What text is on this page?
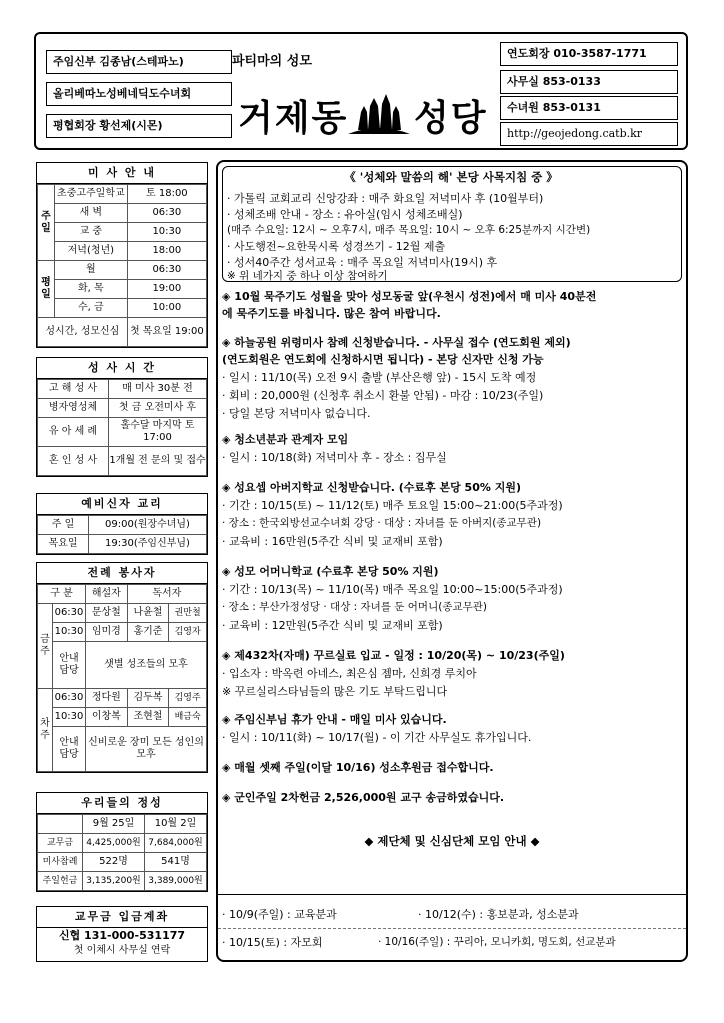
주임신부 김종남(스테파노)
올리베따노성베네딕도수녀회
평협회장 황선제(시몬)
파티마의 성모
거제동 성당
연도회장 010-3587-1771
사무실 853-0133
수녀원 853-0131
http://geojedong.catb.kr
미 사 안 내
주 일	초중고주일학교	토 18:00
	새 벽	06:30
	교 중	10:30
	저녁(청년)	18:00
평 일	월	06:30
	화, 목	19:00
	수, 금	10:00
성시간, 성모신심		첫 목요일 19:00
성 사 시 간
고 해 성 사	매 미사 30분 전
병자영성체	첫 금 오전미사 후
유 아 세 례	홀수달 마지막 토 17:00
혼 인 성 사	1개월 전 문의 및 접수
예비신자 교리
주 일	09:00(원장수녀님)
목요일	19:30(주임신부님)
전례 봉사자
구 분		해설자	독서자	
금 주	06:30	문상철	나윤철	권만철
	10:30	임미경	홍기준	김영자
	안내 담당	샛별 성조들의 모후		
차 주	06:30	정다원	김두복	김영주
	10:30	이창복	조현철	배금숙
	안내 담당	신비로운 장미 모든 성인의 모후		
우리들의 정성
	9월 25일	10월 2일
교무금	4,425,000원	7,684,000원
미사참례	522명	541명
주일헌금	3,135,200원	3,389,000원
교무금 입금계좌
신협 131-000-531177
첫 이체시 사무실 연락
《 '성체와 말씀의 해' 본당 사목지침 중 》
· 가톨릭 교회교리 신앙강좌 : 매주 화요일 저녁미사 후 (10월부터)
· 성체조배 안내 - 장소 : 유아실(임시 성체조배실)
(매주 수요일: 12시 ~ 오후7시, 매주 목요일: 10시 ~ 오후 6:25분까지 시간변)
· 사도행전~요한묵시록 성경쓰기 - 12월 제출
· 성서40주간 성서교육 : 매주 목요일 저녁미사(19시) 후
※ 위 네가지 중 하나 이상 참여하기
◈ 10월 묵주기도 성월을 맞아 성모동굴 앞(우천시 성전)에서 매 미사 40분전
에 묵주기도를 바칩니다. 많은 참여 바랍니다.
◈ 하늘공원 위령미사 참례 신청받습니다. - 사무실 접수 (연도회원 제외)
(연도회원은 연도회에 신청하시면 됩니다) - 본당 신자만 신청 가능
· 일시 : 11/10(목) 오전 9시 출발 (부산은행 앞) - 15시 도착 예정
· 회비 : 20,000원 (신청후 취소시 환불 안됨) - 마감 : 10/23(주일)
· 당일 본당 저녁미사 없습니다.
◈ 청소년분과 관계자 모임
· 일시 : 10/18(화) 저녁미사 후 - 장소 : 집무실
◈ 성요셉 아버지학교 신청받습니다. (수료후 본당 50% 지원)
· 기간 : 10/15(토) ~ 11/12(토) 매주 토요일 15:00~21:00(5주과정)
· 장소 : 한국외방선교수녀회 강당 · 대상 : 자녀를 둔 아버지(종교무관)
· 교육비 : 16만원(5주간 식비 및 교재비 포함)
◈ 성모 어머니학교 (수료후 본당 50% 지원)
· 기간 : 10/13(목) ~ 11/10(목) 매주 목요일 10:00~15:00(5주과정)
· 장소 : 부산가정성당 · 대상 : 자녀를 둔 어머니(종교무관)
· 교육비 : 12만원(5주간 식비 및 교재비 포함)
◈ 제432차(자매) 꾸르실료 입교 - 일정 : 10/20(목) ~ 10/23(주일)
· 입소자 : 박옥련 아네스, 최은심 젬마, 신희경 루치아
※ 꾸르실리스타님들의 많은 기도 부탁드립니다
◈ 주임신부님 휴가 안내 - 매일 미사 있습니다.
· 일시 : 10/11(화) ~ 10/17(월) - 이 기간 사무실도 휴가입니다.
◈ 매월 셋째 주일(이달 10/16) 성소후원금 접수합니다.
◈ 군인주일 2차헌금 2,526,000원 교구 송금하였습니다.
◆ 제단체 및 신심단체 모임 안내 ◆
· 10/9(주일) : 교육분과	· 10/12(수) : 홍보분과, 성소분과
· 10/15(토) : 자모회	· 10/16(주일) : 꾸리아, 모니카회, 명도회, 선교분과
